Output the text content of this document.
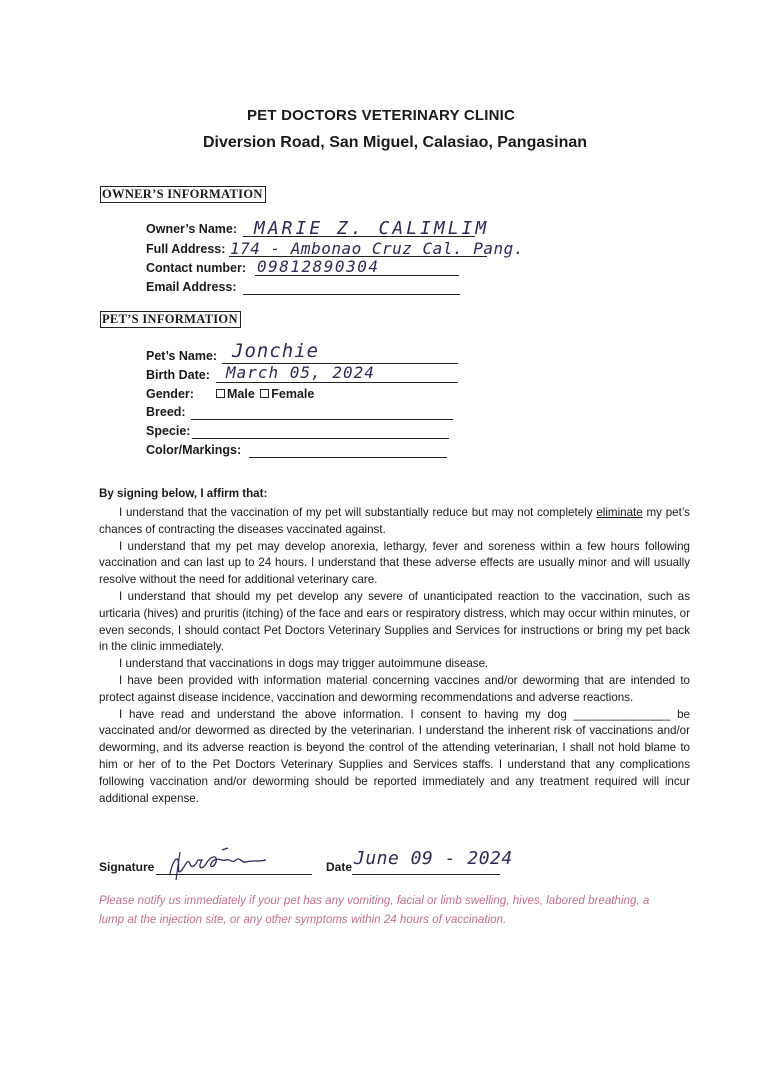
PET DOCTORS VETERINARY CLINIC
Diversion Road, San Miguel, Calasiao, Pangasinan
OWNER’S INFORMATION
Owner’s Name: MARIE Z. CALIMLIM
Full Address: 174 - Ambonao Cruz Cal. Pang.
Contact number: 09812890304
Email Address:
PET’S INFORMATION
Pet’s Name: Jonchie
Birth Date: March 05, 2024
Gender:	Male Female
Breed:
Specie:
Color/Markings:
By signing below, I affirm that:

I understand that the vaccination of my pet will substantially reduce but may not completely eliminate my pet’s chances of contracting the diseases vaccinated against.

I understand that my pet may develop anorexia, lethargy, fever and soreness within a few hours following vaccination and can last up to 24 hours. I understand that these adverse effects are usually minor and will usually resolve without the need for additional veterinary care.

I understand that should my pet develop any severe of unanticipated reaction to the vaccination, such as urticaria (hives) and pruritis (itching) of the face and ears or respiratory distress, which may occur within minutes, or even seconds, I should contact Pet Doctors Veterinary Supplies and Services for instructions or bring my pet back in the clinic immediately.

I understand that vaccinations in dogs may trigger autoimmune disease.

I have been provided with information material concerning vaccines and/or deworming that are intended to protect against disease incidence, vaccination and deworming recommendations and adverse reactions.

I have read and understand the above information. I consent to having my dog _______________ be vaccinated and/or dewormed as directed by the veterinarian. I understand the inherent risk of vaccinations and/or deworming, and its adverse reaction is beyond the control of the attending veterinarian, I shall not hold blame to him or her of to the Pet Doctors Veterinary Supplies and Services staffs. I understand that any complications following vaccination and/or deworming should be reported immediately and any treatment required will incur additional expense.

Signature	Date June 09 - 2024
Please notify us immediately if your pet has any vomiting, facial or limb swelling, hives, labored breathing, a lump at the injection site, or any other symptoms within 24 hours of vaccination.
